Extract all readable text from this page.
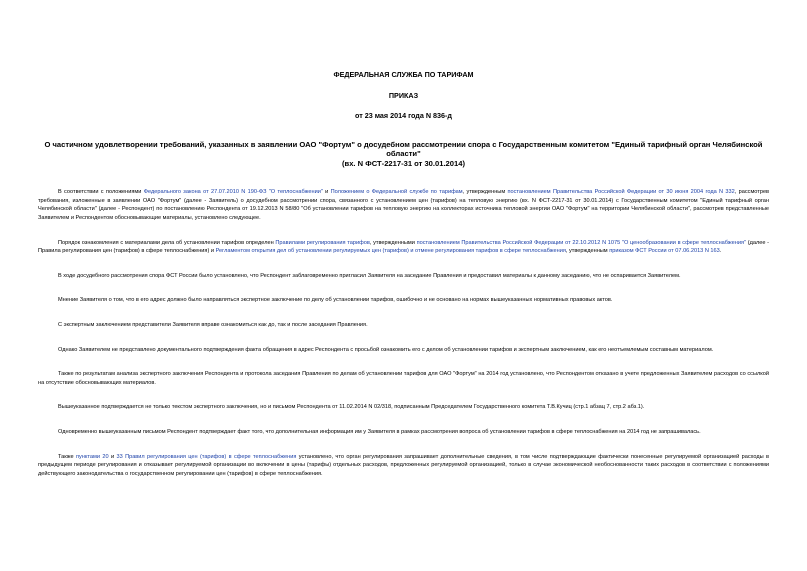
ФЕДЕРАЛЬНАЯ СЛУЖБА ПО ТАРИФАМ
ПРИКАЗ
от 23 мая 2014 года N 836-д
О частичном удовлетворении требований, указанных в заявлении ОАО "Фортум" о досудебном рассмотрении спора с Государственным комитетом "Единый тарифный орган Челябинской области"
(вх. N ФСТ-2217-31 от 30.01.2014)

В соответствии с положениями Федерального закона от 27.07.2010 N 190-ФЗ "О теплоснабжении" и Положением о Федеральной службе по тарифам, утвержденным постановлением Правительства Российской Федерации от 30 июня 2004 года N 332, рассмотрев требования, изложенные в заявлении ОАО "Фортум" (далее - Заявитель) о досудебном рассмотрении спора, связанного с установлением цен (тарифов) на тепловую энергию (вх. N ФСТ-2217-31 от 30.01.2014) с Государственным комитетом "Единый тарифный орган Челябинской области" (далее - Респондент) по постановлению Респондента от 19.12.2013 N 58/80 "Об установлении тарифов на тепловую энергию на коллекторах источника тепловой энергии ОАО "Фортум" на территории Челябинской области", рассмотрев представленные Заявителем и Респондентом обосновывающие материалы, установлено следующее.

Порядок ознакомления с материалами дела об установлении тарифов определен Правилами регулирования тарифов, утвержденными постановлением Правительства Российской Федерации от 22.10.2012 N 1075 "О ценообразовании в сфере теплоснабжения" (далее - Правила регулирования цен (тарифов) в сфере теплоснабжения) и Регламентом открытия дел об установлении регулируемых цен (тарифов) и отмене регулирования тарифов в сфере теплоснабжения, утвержденным приказом ФСТ России от 07.06.2013 N 163.

В ходе досудебного рассмотрения спора ФСТ России было установлено, что Респондент заблаговременно пригласил Заявителя на заседание Правления и предоставил материалы к данному заседанию, что не оспаривается Заявителем.

Мнение Заявителя о том, что в его адрес должно было направляться экспертное заключение по делу об установлении тарифов, ошибочно и не основано на нормах вышеуказанных нормативных правовых актов.

С экспертным заключением представители Заявителя вправе ознакомиться как до, так и после заседания Правления.

Однако Заявителем не представлено документального подтверждения факта обращения в адрес Респондента с просьбой ознакомить его с делом об установлении тарифов и экспертным заключением, как его неотъемлемым составным материалом.

Также по результатам анализа экспертного заключения Респондента и протокола заседания Правления по делам об установлении тарифов для ОАО "Фортум" на 2014 год установлено, что Респондентом отказано в учете предложенных Заявителем расходов со ссылкой на отсутствие обосновывающих материалов.

Вышеуказанное подтверждается не только текстом экспертного заключения, но и письмом Респондента от 11.02.2014 N 02/318, подписанным Председателем Государственного комитета Т.В.Кучиц (стр.1 абзац 7, стр.2 абз.1).

Одновременно вышеуказанным письмом Респондент подтверждает факт того, что дополнительная информация им у Заявителя в рамках рассмотрения вопроса об установлении тарифов в сфере теплоснабжения на 2014 год не запрашивалась.

Также пунктами 20 и 33 Правил регулирования цен (тарифов) в сфере теплоснабжения установлено, что орган регулирования запрашивает дополнительные сведения, в том числе подтверждающие фактически понесенные регулируемой организацией расходы в предыдущем периоде регулирования и отказывает регулируемой организации во включении в цены (тарифы) отдельных расходов, предложенных регулируемой организацией, только в случае экономической необоснованности таких расходов в соответствии с положениями действующего законодательства о государственном регулировании цен (тарифов) в сфере теплоснабжения.
